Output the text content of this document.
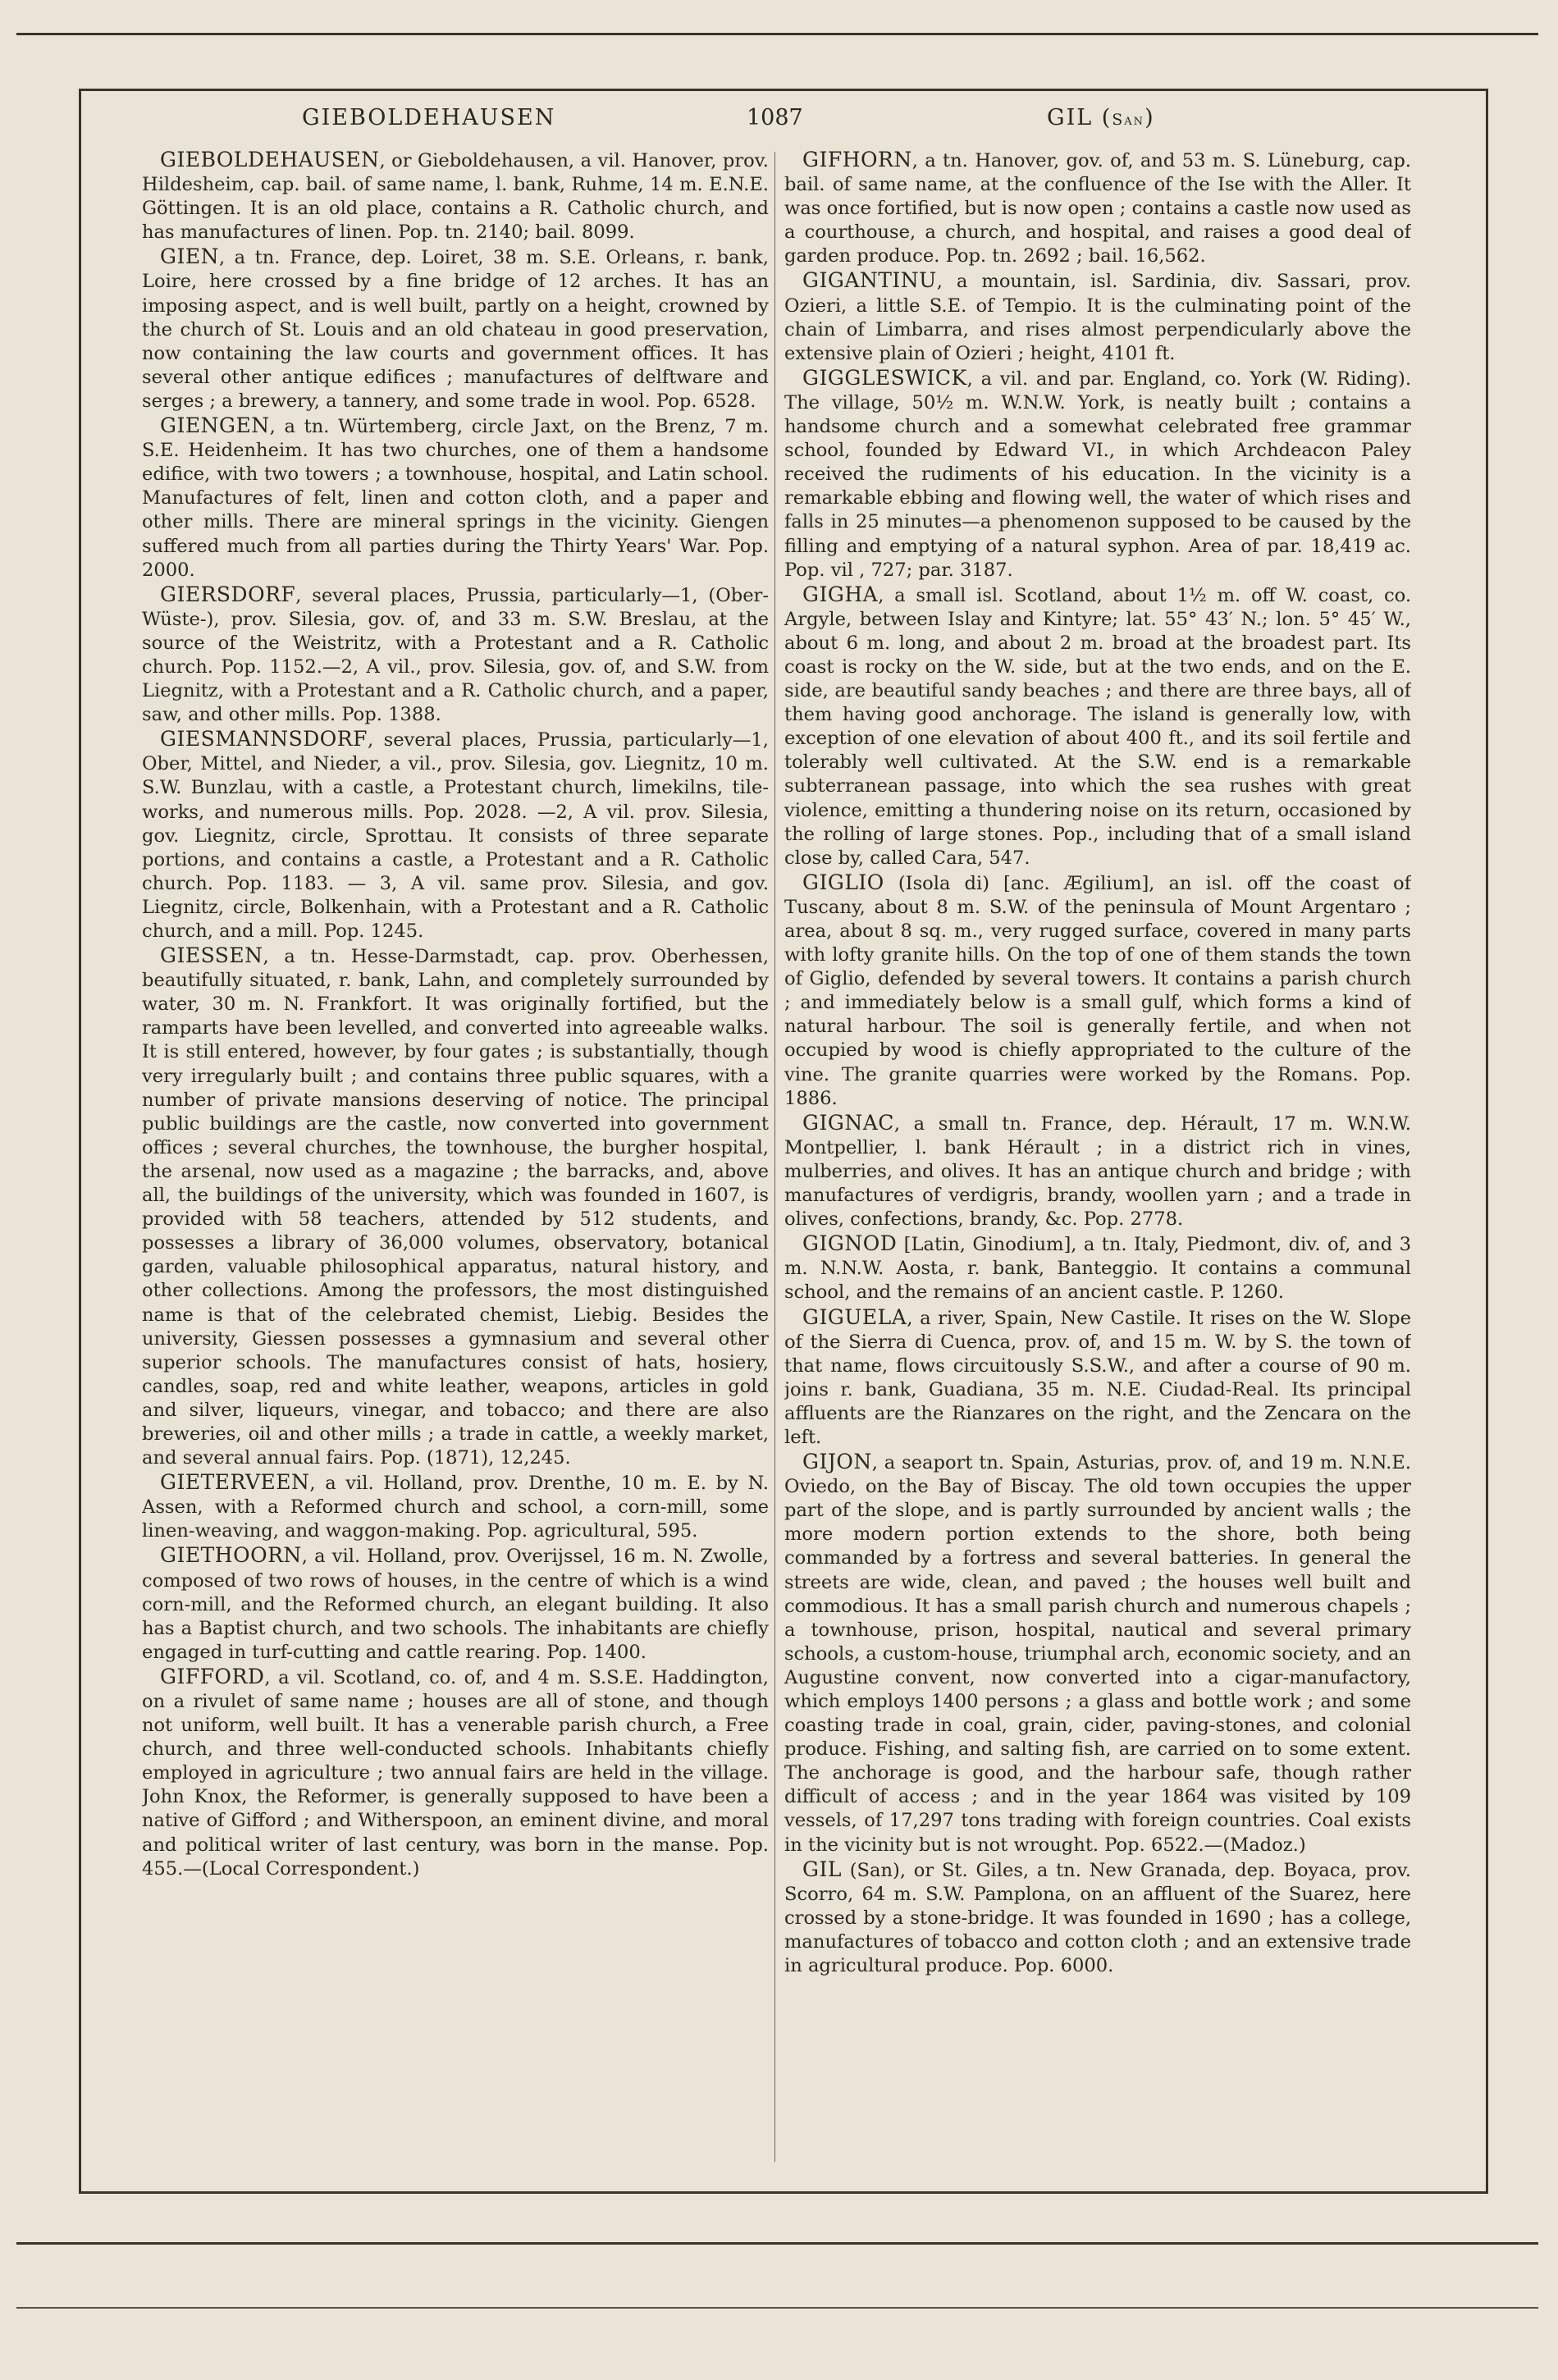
GIEBOLDEHAUSEN	1087	GIL (San)

GIEBOLDEHAUSEN, or Gieboldehausen, a vil. Hanover, prov. Hildesheim, cap. bail. of same name, l. bank, Ruhme, 14 m. E.N.E. Göttingen. It is an old place, contains a R. Catholic church, and has manufactures of linen. Pop. tn. 2140; bail. 8099.

GIEN, a tn. France, dep. Loiret, 38 m. S.E. Orleans, r. bank, Loire, here crossed by a fine bridge of 12 arches. It has an imposing aspect, and is well built, partly on a height, crowned by the church of St. Louis and an old chateau in good preservation, now containing the law courts and government offices. It has several other antique edifices ; manufactures of delftware and serges ; a brewery, a tannery, and some trade in wool. Pop. 6528.

GIENGEN, a tn. Würtemberg, circle Jaxt, on the Brenz, 7 m. S.E. Heidenheim. It has two churches, one of them a handsome edifice, with two towers ; a townhouse, hospital, and Latin school. Manufactures of felt, linen and cotton cloth, and a paper and other mills. There are mineral springs in the vicinity. Giengen suffered much from all parties during the Thirty Years' War. Pop. 2000.

GIERSDORF, several places, Prussia, particularly—1, (Ober-Wüste-), prov. Silesia, gov. of, and 33 m. S.W. Breslau, at the source of the Weistritz, with a Protestant and a R. Catholic church. Pop. 1152.—2, A vil., prov. Silesia, gov. of, and S.W. from Liegnitz, with a Protestant and a R. Catholic church, and a paper, saw, and other mills. Pop. 1388.

GIESMANNSDORF, several places, Prussia, particularly—1, Ober, Mittel, and Nieder, a vil., prov. Silesia, gov. Liegnitz, 10 m. S.W. Bunzlau, with a castle, a Protestant church, limekilns, tile-works, and numerous mills. Pop. 2028. —2, A vil. prov. Silesia, gov. Liegnitz, circle, Sprottau. It consists of three separate portions, and contains a castle, a Protestant and a R. Catholic church. Pop. 1183. — 3, A vil. same prov. Silesia, and gov. Liegnitz, circle, Bolkenhain, with a Protestant and a R. Catholic church, and a mill. Pop. 1245.

GIESSEN, a tn. Hesse-Darmstadt, cap. prov. Oberhessen, beautifully situated, r. bank, Lahn, and completely surrounded by water, 30 m. N. Frankfort. It was originally fortified, but the ramparts have been levelled, and converted into agreeable walks. It is still entered, however, by four gates ; is substantially, though very irregularly built ; and contains three public squares, with a number of private mansions deserving of notice. The principal public buildings are the castle, now converted into government offices ; several churches, the townhouse, the burgher hospital, the arsenal, now used as a magazine ; the barracks, and, above all, the buildings of the university, which was founded in 1607, is provided with 58 teachers, attended by 512 students, and possesses a library of 36,000 volumes, observatory, botanical garden, valuable philosophical apparatus, natural history, and other collections. Among the professors, the most distinguished name is that of the celebrated chemist, Liebig. Besides the university, Giessen possesses a gymnasium and several other superior schools. The manufactures consist of hats, hosiery, candles, soap, red and white leather, weapons, articles in gold and silver, liqueurs, vinegar, and tobacco; and there are also breweries, oil and other mills ; a trade in cattle, a weekly market, and several annual fairs. Pop. (1871), 12,245.

GIETERVEEN, a vil. Holland, prov. Drenthe, 10 m. E. by N. Assen, with a Reformed church and school, a corn-mill, some linen-weaving, and waggon-making. Pop. agricultural, 595.

GIETHOORN, a vil. Holland, prov. Overijssel, 16 m. N. Zwolle, composed of two rows of houses, in the centre of which is a wind corn-mill, and the Reformed church, an elegant building. It also has a Baptist church, and two schools. The inhabitants are chiefly engaged in turf-cutting and cattle rearing. Pop. 1400.

GIFFORD, a vil. Scotland, co. of, and 4 m. S.S.E. Haddington, on a rivulet of same name ; houses are all of stone, and though not uniform, well built. It has a venerable parish church, a Free church, and three well-conducted schools. Inhabitants chiefly employed in agriculture ; two annual fairs are held in the village. John Knox, the Reformer, is generally supposed to have been a native of Gifford ; and Witherspoon, an eminent divine, and moral and political writer of last century, was born in the manse. Pop. 455.—(Local Correspondent.)

GIFHORN, a tn. Hanover, gov. of, and 53 m. S. Lüneburg, cap. bail. of same name, at the confluence of the Ise with the Aller. It was once fortified, but is now open ; contains a castle now used as a courthouse, a church, and hospital, and raises a good deal of garden produce. Pop. tn. 2692 ; bail. 16,562.

GIGANTINU, a mountain, isl. Sardinia, div. Sassari, prov. Ozieri, a little S.E. of Tempio. It is the culminating point of the chain of Limbarra, and rises almost perpendicularly above the extensive plain of Ozieri ; height, 4101 ft.

GIGGLESWICK, a vil. and par. England, co. York (W. Riding). The village, 50½ m. W.N.W. York, is neatly built ; contains a handsome church and a somewhat celebrated free grammar school, founded by Edward VI., in which Archdeacon Paley received the rudiments of his education. In the vicinity is a remarkable ebbing and flowing well, the water of which rises and falls in 25 minutes—a phenomenon supposed to be caused by the filling and emptying of a natural syphon. Area of par. 18,419 ac. Pop. vil , 727; par. 3187.

GIGHA, a small isl. Scotland, about 1½ m. off W. coast, co. Argyle, between Islay and Kintyre; lat. 55° 43′ N.; lon. 5° 45′ W., about 6 m. long, and about 2 m. broad at the broadest part. Its coast is rocky on the W. side, but at the two ends, and on the E. side, are beautiful sandy beaches ; and there are three bays, all of them having good anchorage. The island is generally low, with exception of one elevation of about 400 ft., and its soil fertile and tolerably well cultivated. At the S.W. end is a remarkable subterranean passage, into which the sea rushes with great violence, emitting a thundering noise on its return, occasioned by the rolling of large stones. Pop., including that of a small island close by, called Cara, 547.

GIGLIO (Isola di) [anc. Ægilium], an isl. off the coast of Tuscany, about 8 m. S.W. of the peninsula of Mount Argentaro ; area, about 8 sq. m., very rugged surface, covered in many parts with lofty granite hills. On the top of one of them stands the town of Giglio, defended by several towers. It contains a parish church ; and immediately below is a small gulf, which forms a kind of natural harbour. The soil is generally fertile, and when not occupied by wood is chiefly appropriated to the culture of the vine. The granite quarries were worked by the Romans. Pop. 1886.

GIGNAC, a small tn. France, dep. Hérault, 17 m. W.N.W. Montpellier, l. bank Hérault ; in a district rich in vines, mulberries, and olives. It has an antique church and bridge ; with manufactures of verdigris, brandy, woollen yarn ; and a trade in olives, confections, brandy, &c. Pop. 2778.

GIGNOD [Latin, Ginodium], a tn. Italy, Piedmont, div. of, and 3 m. N.N.W. Aosta, r. bank, Banteggio. It contains a communal school, and the remains of an ancient castle. P. 1260.

GIGUELA, a river, Spain, New Castile. It rises on the W. Slope of the Sierra di Cuenca, prov. of, and 15 m. W. by S. the town of that name, flows circuitously S.S.W., and after a course of 90 m. joins r. bank, Guadiana, 35 m. N.E. Ciudad-Real. Its principal affluents are the Rianzares on the right, and the Zencara on the left.

GIJON, a seaport tn. Spain, Asturias, prov. of, and 19 m. N.N.E. Oviedo, on the Bay of Biscay. The old town occupies the upper part of the slope, and is partly surrounded by ancient walls ; the more modern portion extends to the shore, both being commanded by a fortress and several batteries. In general the streets are wide, clean, and paved ; the houses well built and commodious. It has a small parish church and numerous chapels ; a townhouse, prison, hospital, nautical and several primary schools, a custom-house, triumphal arch, economic society, and an Augustine convent, now converted into a cigar-manufactory, which employs 1400 persons ; a glass and bottle work ; and some coasting trade in coal, grain, cider, paving-stones, and colonial produce. Fishing, and salting fish, are carried on to some extent. The anchorage is good, and the harbour safe, though rather difficult of access ; and in the year 1864 was visited by 109 vessels, of 17,297 tons trading with foreign countries. Coal exists in the vicinity but is not wrought. Pop. 6522.—(Madoz.)

GIL (San), or St. Giles, a tn. New Granada, dep. Boyaca, prov. Scorro, 64 m. S.W. Pamplona, on an affluent of the Suarez, here crossed by a stone-bridge. It was founded in 1690 ; has a college, manufactures of tobacco and cotton cloth ; and an extensive trade in agricultural produce. Pop. 6000.
